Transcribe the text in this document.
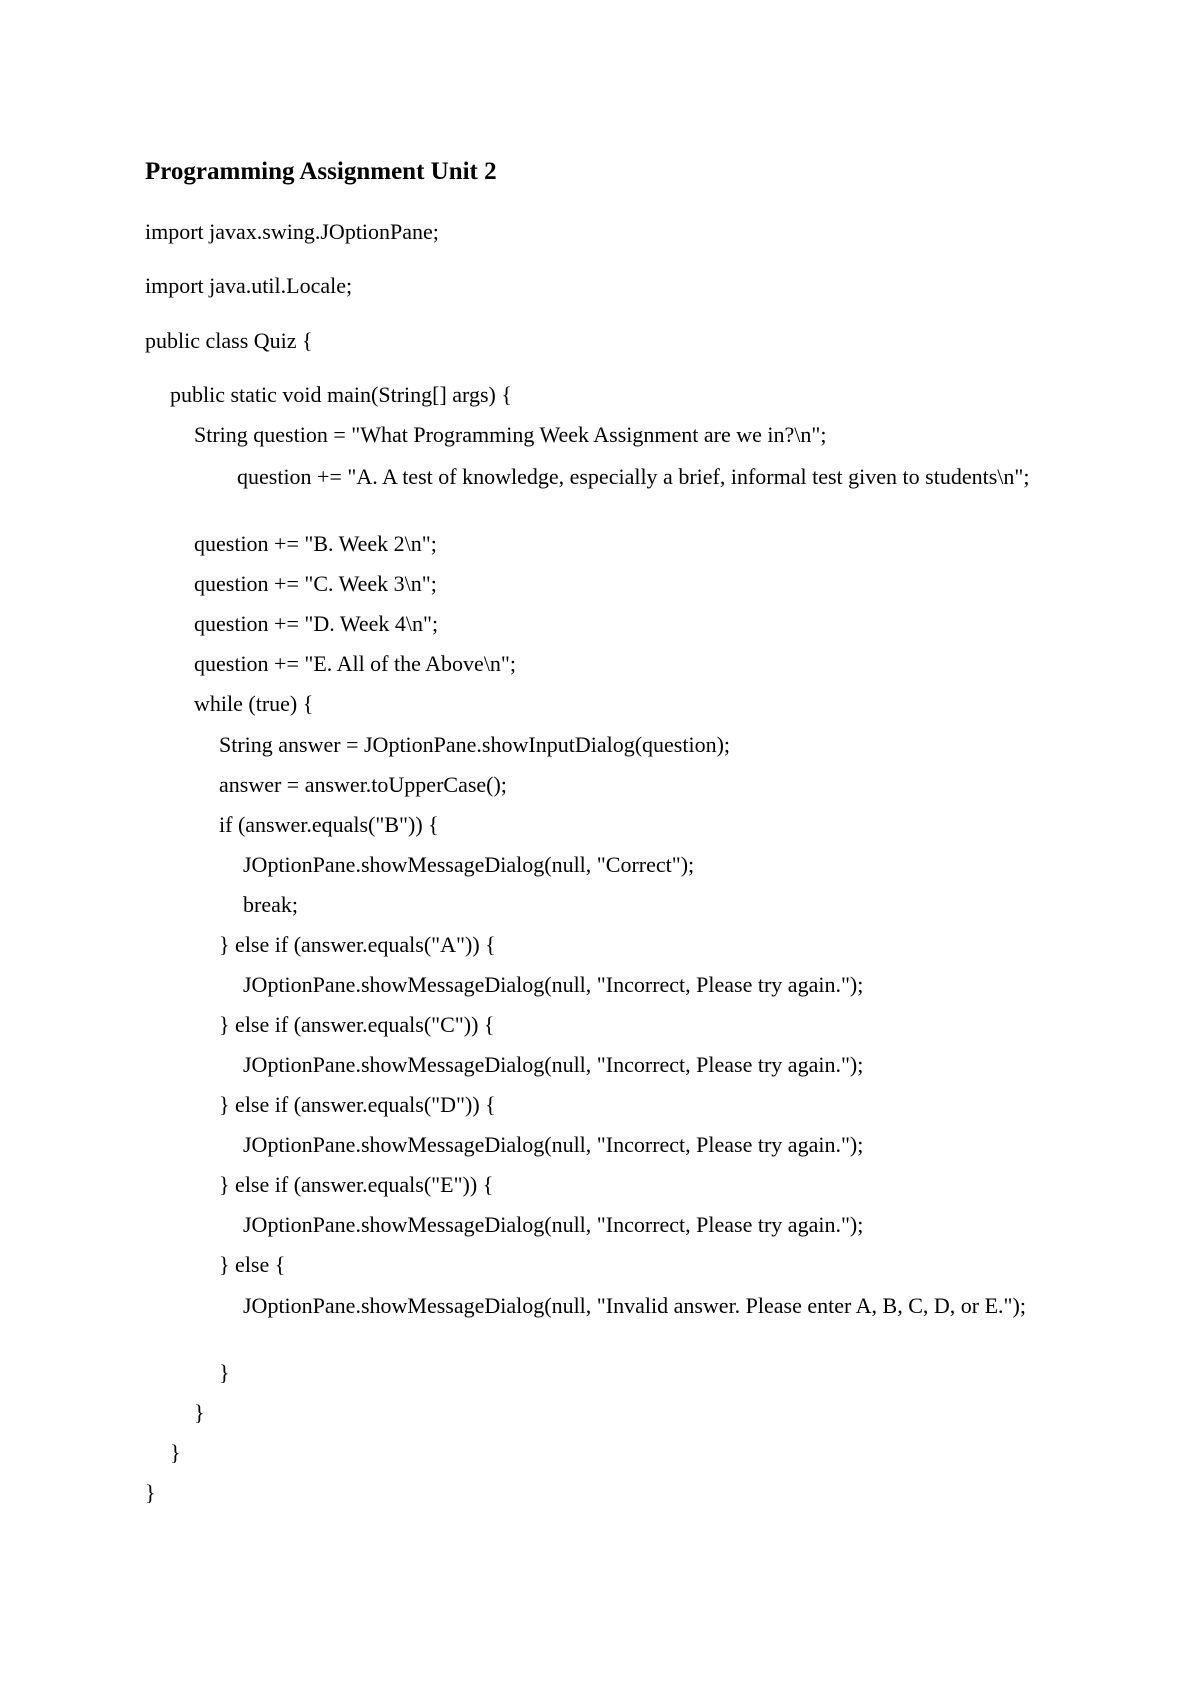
Programming Assignment Unit 2
import javax.swing.JOptionPane;
import java.util.Locale;
public class Quiz {
public static void main(String[] args) {
String question = "What Programming Week Assignment are we in?\n";
question += "A. A test of knowledge, especially a brief, informal test given to students\n";
question += "B. Week 2\n";
question += "C. Week 3\n";
question += "D. Week 4\n";
question += "E. All of the Above\n";
while (true) {
String answer = JOptionPane.showInputDialog(question);
answer = answer.toUpperCase();
if (answer.equals("B")) {
JOptionPane.showMessageDialog(null, "Correct");
break;
} else if (answer.equals("A")) {
JOptionPane.showMessageDialog(null, "Incorrect, Please try again.");
} else if (answer.equals("C")) {
JOptionPane.showMessageDialog(null, "Incorrect, Please try again.");
} else if (answer.equals("D")) {
JOptionPane.showMessageDialog(null, "Incorrect, Please try again.");
} else if (answer.equals("E")) {
JOptionPane.showMessageDialog(null, "Incorrect, Please try again.");
} else {
JOptionPane.showMessageDialog(null, "Invalid answer. Please enter A, B, C, D, or E.");
}
}
}
}
